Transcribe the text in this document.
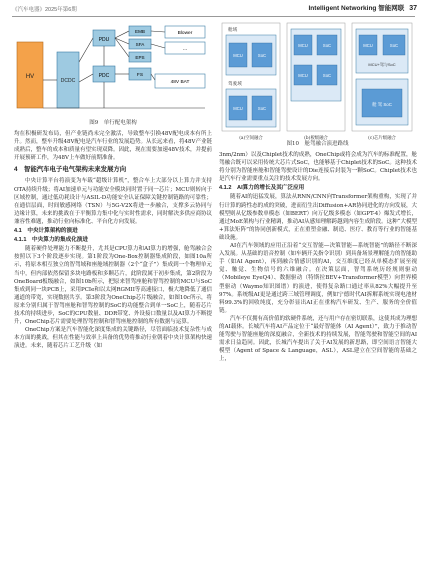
《汽车电器》2025年第6期	Intelligent Networking 智能网联 37
HV
DCDC
PDU
EMB
SFA
EPS
Blower
…
PDC	FS
48V BAT
图9　单行配电架构
舱域
MCU	SoC
驾驶域
MCU	SoC
MCU	SoC
MCU	SoC
MCU	SoC
MCU+驾与SoC
舱 驾 SoC
(a)空间融合	(b)板级融合	(c)芯片级融合
图10　舱驾融合演进路线

均在积极研发布局，但产业链尚未完全激活，导致整车引换48V配电成本有所上升。然而，整车升级48V配电是汽车行业的发展趋势。从长远来看，将48V产业链成熟后，整车的成本和质量有望实现双降。因此，现在需要加速48V技术，并提前开展预研工作，为48V上车做好前期准备。

4　智能汽车电子电气架构未来发展方向

中央计算平台将演变为车载“超级计算机”，整合车上大部分以上算力并支持OTA持续升级；将AI加速单元与功能安全模块同时置于同一芯片；MCU则转向于区域控制，通过低功耗设计与ASIL-D功能安全认证保障关键控制链路的可靠性；在通信层面，时间敏感网络（TSN）与5G-V2X将进一步融合，支撑多云协同与边缘计算，未来的挑战在于平衡算力集中化与实时性需求，同时解决多供应商协议兼容性难题，推动行业向标准化、平台化方向发展。

4.1　中央计算架构的演进
4.1.1　中央算力的集成化演进

随着硬件处理能力不断提升，尤其是CPU算力和AI算力的增强，舱驾融合会按照以下3个阶段逐步实现。第1阶段为One-Box控制器集成阶段，如图10a所示，将原本相互独立的智驾域和座舱域控制器（2个“盒子”）集成到一个物理单元当中，但内部依然保留多块电路板和多颗芯片，此阶段属于初步集成，第2阶段为OneBoard板级融合，如图10b所示，把原来智驾座舱和智驾控制的MCU与SoC集成到同一块PCB上，采用PCIe和以太网RGMII等高速接口，极大地降低了通信通道的带宽，实现数据共享。第3阶段为OneChip芯片级融合，如图10c所示，将原来分别归属于智驾座舱和智驾控制的SoC的功能整合到单一SoC上，随着芯片技术的持续进步，SoC的CPU数量、DDR带宽、外设接口数量以及AI算力不断提升，OneChip芯片需要处理智驾控制和智驾座舱控制的所有数据与运算。

OneChip方案是汽车智能化深度集成的关键路径，尽管面临技术复杂性与成本方面的挑战，但其在性能与效率上具备的优势将推动行业朝着中央计算架构快速演进。未来，随着芯片工艺升级（如

3nm/2nm）以及Chiplet技术的成熟，OneChip或将会成为汽车的标准配置，舱驾融合既可以采用传统大芯片式SoC，也能够基于Chiplet技术的SoC。这种技术将分别为智能座舱和智能驾驶设计的Die连接后封装为一颗SoC。Chiplet技术也是汽车行业需要重点关注的技术发展方向。

4.1.2　AI算力的增长及其广泛应用

随着AI的迅猛发展，算法从RNN/CNN向Transformer架构重构，实现了并行计算的跨性态的成的突破，进而衍生出Diffusion+AR协同进化的方向发展，大模型则从亿级参数单模态（如BERT）向万亿级多模态（如GPT-4）爆发式增长，通过MoE架构与行业精调，推动AI从感知理解跨越到内容生成阶段。这种“大模型+算法矩阵”的协同创新模式，正在重塑金融、制造、医疗、教育等行业的智能基础设施。

AI在汽车领域的应用正沿着“交互智能—决策智能—系统智能”的路径不断深入发展。从基础的语音控制（如车辆开关指令识别）到具备场景理解能力的智能助手（如AI Agent），再到融合情感识别的AI，交互维度已经从单模态扩展至视觉、触觉、生物信号的六维融合。在决策层面，智驾系统历经规则驱动（Mobileye EyeQ4）、数据驱动（特斯拉BEV+Transformer模型）向世界模型驱动（Waymo知识图谱）的演进，使得复杂路口通过率从82%大幅提升至97%。系统级AI更是通过跨三域管理调度，例如宁德时代AI拆解系统实现电池材料99.3%的回收纯度，充分彰显出AI正在重构汽车研发、生产、服务的全价值链。

汽车不仅拥有高价值的软硬件系统，还与用户存在密切联系，这使其成为理想的AI载体。长城汽车将AI产品定位于“最好智能体（AI Agent）”，致力于推动智能驾驶与智能座舱的深度融合，全新技术的持续发展，智能驾驶和智能空间的AI需求日益趋同。因此，长城汽车提出了关于AI发展的新思路，即空间语言智能大模型（Agent of Space & Language，ASL），ASL建立在空间智能的基础之上，
